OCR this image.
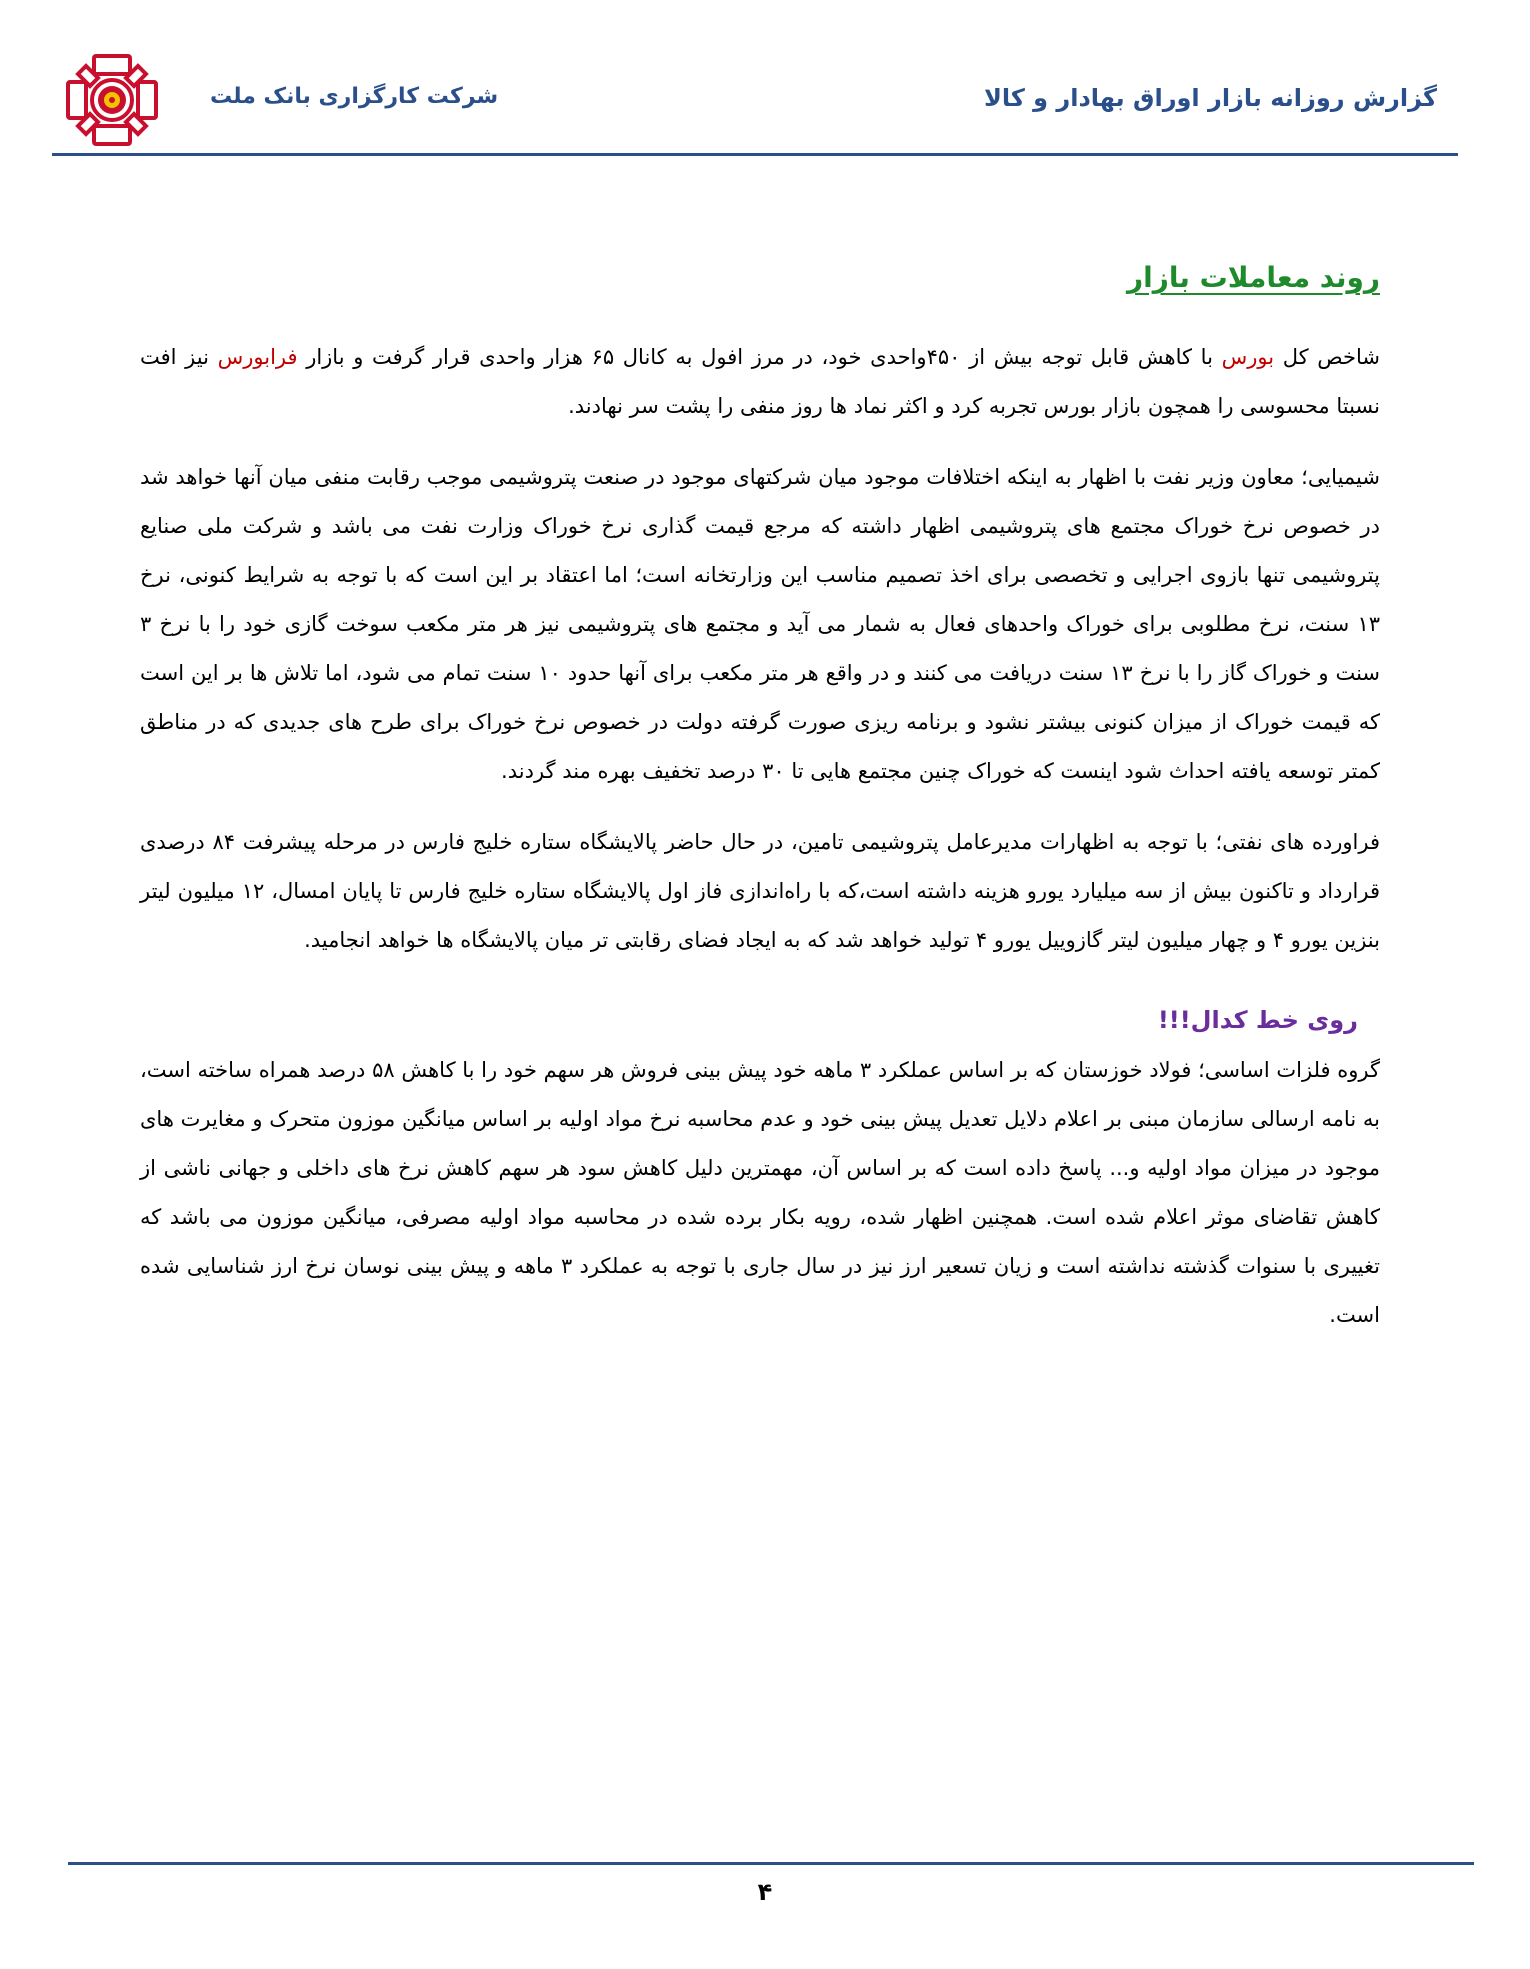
شرکت کارگزاری بانک ملت	گزارش روزانه بازار اوراق بهادار و کالا
روند معاملات بازار

شاخص کل بورس با کاهش قابل توجه بیش از ۴۵۰واحدی خود، در مرز افول به کانال ۶۵ هزار واحدی قرار گرفت و بازار فرابورس نیز افت نسبتا محسوسی را همچون بازار بورس تجربه کرد و اکثر نماد ها روز منفی را پشت سر نهادند.

شیمیایی؛ معاون وزیر نفت با اظهار به اینکه اختلافات موجود میان شرکتهای موجود در صنعت پتروشیمی موجب رقابت منفی میان آنها خواهد شد در خصوص نرخ خوراک مجتمع های پتروشیمی اظهار داشته که مرجع قیمت گذاری نرخ خوراک وزارت نفت می باشد و شرکت ملی صنایع پتروشیمی تنها بازوی اجرایی و تخصصی برای اخذ تصمیم مناسب این وزارتخانه است؛ اما اعتقاد بر این است که با توجه به شرایط کنونی، نرخ ۱۳ سنت، نرخ مطلوبی برای خوراک واحدهای فعال به شمار می آید و مجتمع های پتروشیمی نیز هر متر مکعب سوخت گازی خود را با نرخ ۳ سنت و خوراک گاز را با نرخ ۱۳ سنت دریافت می کنند و در واقع هر متر مکعب برای آنها حدود ۱۰ سنت تمام می شود، اما تلاش ها بر این است که قیمت خوراک از میزان کنونی بیشتر نشود و برنامه ریزی صورت گرفته دولت در خصوص نرخ خوراک برای طرح های جدیدی که در مناطق کمتر توسعه یافته احداث شود اینست که خوراک چنین مجتمع هایی تا ۳۰ درصد تخفیف بهره مند گردند.

فراورده های نفتی؛ با توجه به اظهارات مدیرعامل پتروشیمی تامین، در حال حاضر پالایشگاه ستاره خلیج فارس در مرحله پیشرفت ۸۴ درصدی قرارداد و تاکنون بیش از سه میلیارد یورو هزینه داشته است،که با راه‌اندازی فاز اول پالایشگاه ستاره خلیج فارس تا پایان امسال، ۱۲ میلیون لیتر بنزین یورو ۴ و چهار میلیون لیتر گازوییل یورو ۴ تولید خواهد شد که به ایجاد فضای رقابتی تر میان پالایشگاه ها خواهد انجامید.

روی خط کدال!!!

گروه فلزات اساسی؛ فولاد خوزستان که بر اساس عملکرد ۳ ماهه خود پیش بینی فروش هر سهم خود را با کاهش ۵۸ درصد همراه ساخته است، به نامه ارسالی سازمان مبنی بر اعلام دلایل تعدیل پیش بینی خود و عدم محاسبه نرخ مواد اولیه بر اساس میانگین موزون متحرک و مغایرت های موجود در میزان مواد اولیه و... پاسخ داده است که بر اساس آن، مهمترین دلیل کاهش سود هر سهم کاهش نرخ های داخلی و جهانی ناشی از کاهش تقاضای موثر اعلام شده است. همچنین اظهار شده، رویه بکار برده شده در محاسبه مواد اولیه مصرفی، میانگین موزون می باشد که تغییری با سنوات گذشته نداشته است و زیان تسعیر ارز نیز در سال جاری با توجه به عملکرد ۳ ماهه و پیش بینی نوسان نرخ ارز شناسایی شده است.

۴
